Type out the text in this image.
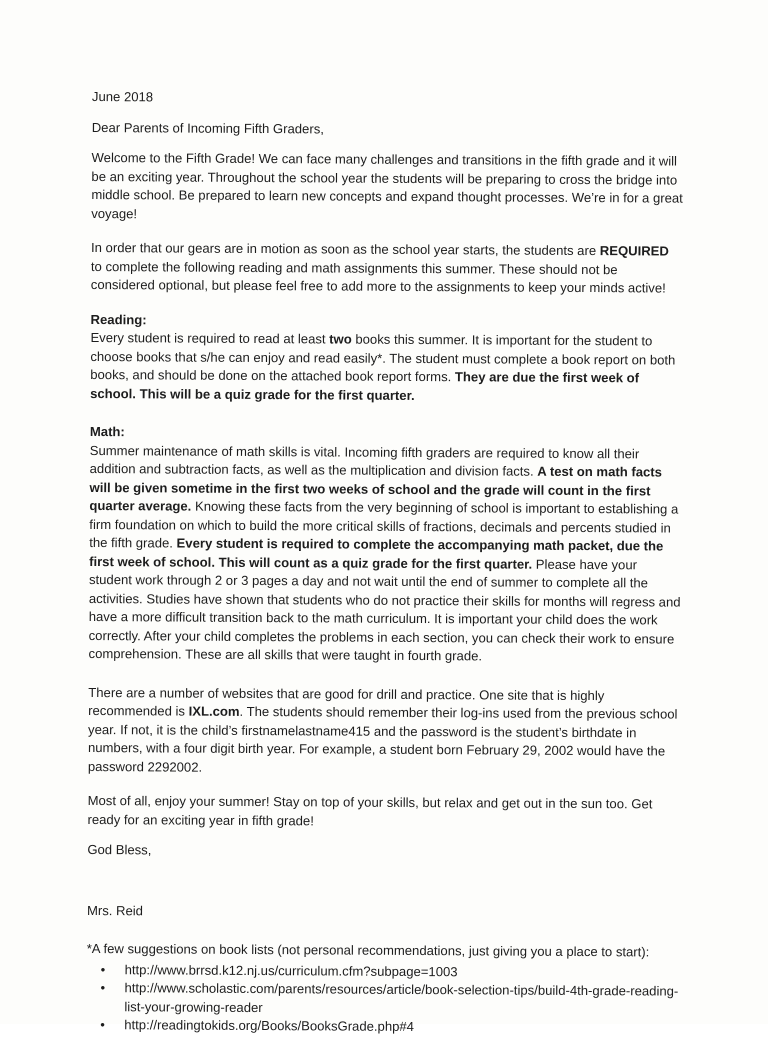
June 2018

Dear Parents of Incoming Fifth Graders,

Welcome to the Fifth Grade! We can face many challenges and transitions in the fifth grade and it will be an exciting year. Throughout the school year the students will be preparing to cross the bridge into middle school. Be prepared to learn new concepts and expand thought processes. We’re in for a great voyage!

In order that our gears are in motion as soon as the school year starts, the students are REQUIRED to complete the following reading and math assignments this summer. These should not be considered optional, but please feel free to add more to the assignments to keep your minds active!

Reading:
Every student is required to read at least two books this summer. It is important for the student to choose books that s/he can enjoy and read easily*. The student must complete a book report on both books, and should be done on the attached book report forms. They are due the first week of school. This will be a quiz grade for the first quarter.

Math:
Summer maintenance of math skills is vital. Incoming fifth graders are required to know all their addition and subtraction facts, as well as the multiplication and division facts. A test on math facts will be given sometime in the first two weeks of school and the grade will count in the first quarter average. Knowing these facts from the very beginning of school is important to establishing a firm foundation on which to build the more critical skills of fractions, decimals and percents studied in the fifth grade. Every student is required to complete the accompanying math packet, due the first week of school. This will count as a quiz grade for the first quarter. Please have your student work through 2 or 3 pages a day and not wait until the end of summer to complete all the activities. Studies have shown that students who do not practice their skills for months will regress and have a more difficult transition back to the math curriculum. It is important your child does the work correctly. After your child completes the problems in each section, you can check their work to ensure comprehension. These are all skills that were taught in fourth grade.

There are a number of websites that are good for drill and practice. One site that is highly recommended is IXL.com. The students should remember their log-ins used from the previous school year. If not, it is the child’s firstnamelastname415 and the password is the student’s birthdate in numbers, with a four digit birth year. For example, a student born February 29, 2002 would have the password 2292002.

Most of all, enjoy your summer! Stay on top of your skills, but relax and get out in the sun too. Get ready for an exciting year in fifth grade!

God Bless,

Mrs. Reid

*A few suggestions on book lists (not personal recommendations, just giving you a place to start):

• http://www.brrsd.k12.nj.us/curriculum.cfm?subpage=1003
• http://www.scholastic.com/parents/resources/article/book-selection-tips/build-4th-grade-reading-list-your-growing-reader
• http://readingtokids.org/Books/BooksGrade.php#4
